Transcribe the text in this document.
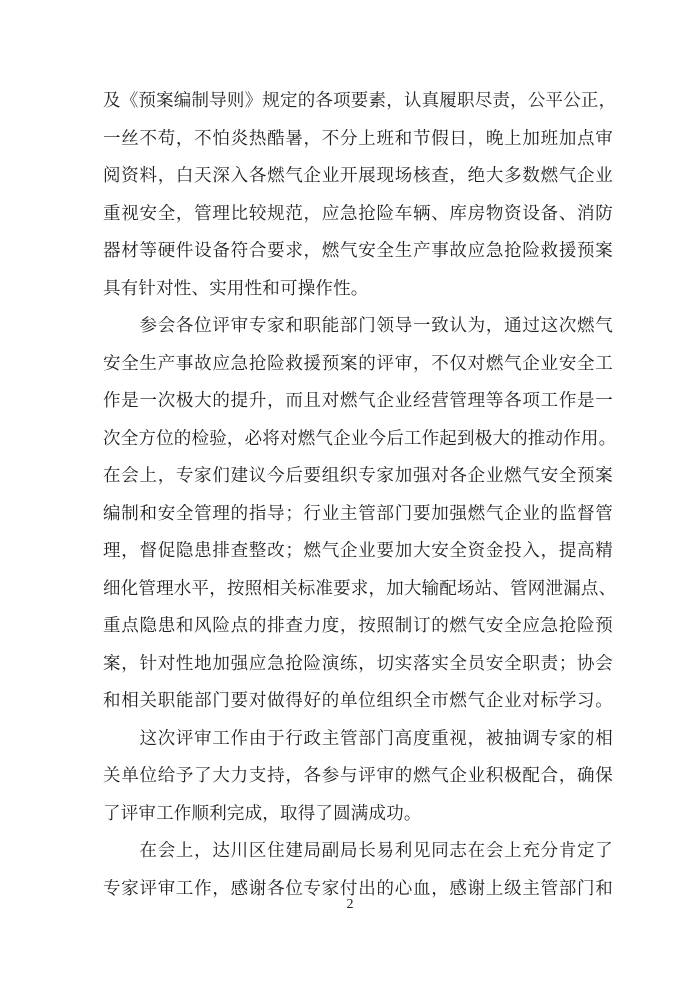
及《预案编制导则》规定的各项要素，认真履职尽责，公平公正，
一丝不苟，不怕炎热酷暑，不分上班和节假日，晚上加班加点审
阅资料，白天深入各燃气企业开展现场核查，绝大多数燃气企业
重视安全，管理比较规范，应急抢险车辆、库房物资设备、消防
器材等硬件设备符合要求，燃气安全生产事故应急抢险救援预案
具有针对性、实用性和可操作性。
　　参会各位评审专家和职能部门领导一致认为，通过这次燃气
安全生产事故应急抢险救援预案的评审，不仅对燃气企业安全工
作是一次极大的提升，而且对燃气企业经营管理等各项工作是一
次全方位的检验，必将对燃气企业今后工作起到极大的推动作用。
在会上，专家们建议今后要组织专家加强对各企业燃气安全预案
编制和安全管理的指导；行业主管部门要加强燃气企业的监督管
理，督促隐患排查整改；燃气企业要加大安全资金投入，提高精
细化管理水平，按照相关标准要求，加大输配场站、管网泄漏点、
重点隐患和风险点的排查力度，按照制订的燃气安全应急抢险预
案，针对性地加强应急抢险演练，切实落实全员安全职责；协会
和相关职能部门要对做得好的单位组织全市燃气企业对标学习。
　　这次评审工作由于行政主管部门高度重视，被抽调专家的相
关单位给予了大力支持，各参与评审的燃气企业积极配合，确保
了评审工作顺利完成，取得了圆满成功。
　　在会上，达川区住建局副局长易利见同志在会上充分肯定了
专家评审工作，感谢各位专家付出的心血，感谢上级主管部门和
2
